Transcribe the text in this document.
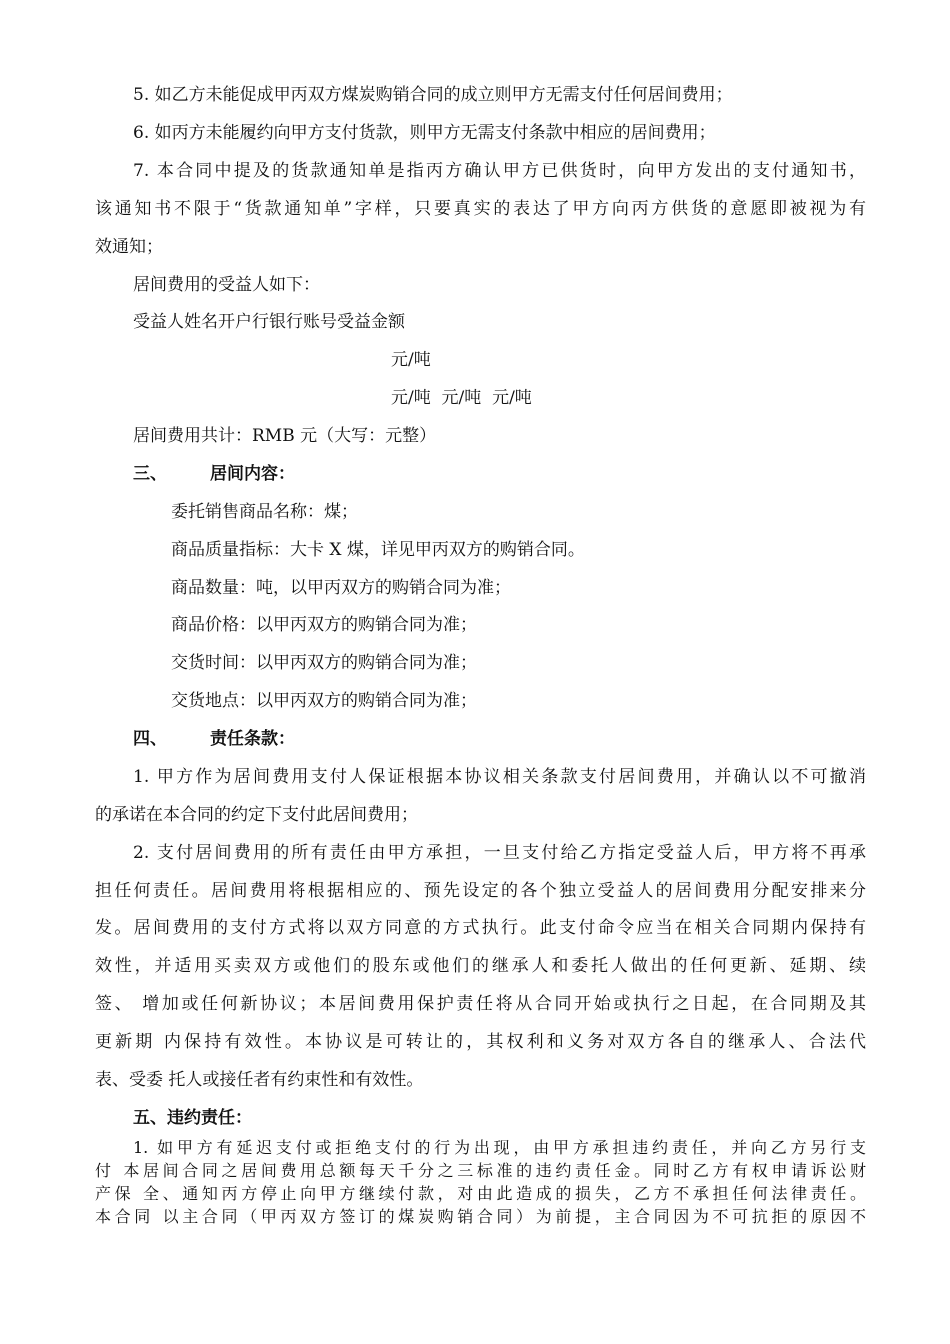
5. 如乙方未能促成甲丙双方煤炭购销合同的成立则甲方无需支付任何居间费用；
6. 如丙方未能履约向甲方支付货款，则甲方无需支付条款中相应的居间费用；
7. 本合同中提及的货款通知单是指丙方确认甲方已供货时，向甲方发出的支付通知书，
该通知书不限于“货款通知单”字样，只要真实的表达了甲方向丙方供货的意愿即被视为有
效通知；
居间费用的受益人如下：
受益人姓名开户行银行账号受益金额
元/吨
元/吨  元/吨  元/吨
居间费用共计：RMB 元（大写：元整）
三、	居间内容：
委托销售商品名称：煤；
商品质量指标：大卡 X 煤，详见甲丙双方的购销合同。
商品数量：吨，以甲丙双方的购销合同为准；
商品价格：以甲丙双方的购销合同为准；
交货时间：以甲丙双方的购销合同为准；
交货地点：以甲丙双方的购销合同为准；
四、	责任条款：
1. 甲方作为居间费用支付人保证根据本协议相关条款支付居间费用，并确认以不可撤消
的承诺在本合同的约定下支付此居间费用；
2. 支付居间费用的所有责任由甲方承担，一旦支付给乙方指定受益人后，甲方将不再承
担任何责任。居间费用将根据相应的、预先设定的各个独立受益人的居间费用分配安排来分
发。居间费用的支付方式将以双方同意的方式执行。此支付命令应当在相关合同期内保持有
效性，并适用买卖双方或他们的股东或他们的继承人和委托人做出的任何更新、延期、续
签、 增加或任何新协议；本居间费用保护责任将从合同开始或执行之日起，在合同期及其
更新期 内保持有效性。本协议是可转让的，其权利和义务对双方各自的继承人、合法代
表、受委 托人或接任者有约束性和有效性。
五、违约责任：
1. 如甲方有延迟支付或拒绝支付的行为出现，由甲方承担违约责任，并向乙方另行支
付 本居间合同之居间费用总额每天千分之三标准的违约责任金。同时乙方有权申请诉讼财
产保 全、通知丙方停止向甲方继续付款，对由此造成的损失，乙方不承担任何法律责任。
本合同 以主合同（甲丙双方签订的煤炭购销合同）为前提，主合同因为不可抗拒的原因不
